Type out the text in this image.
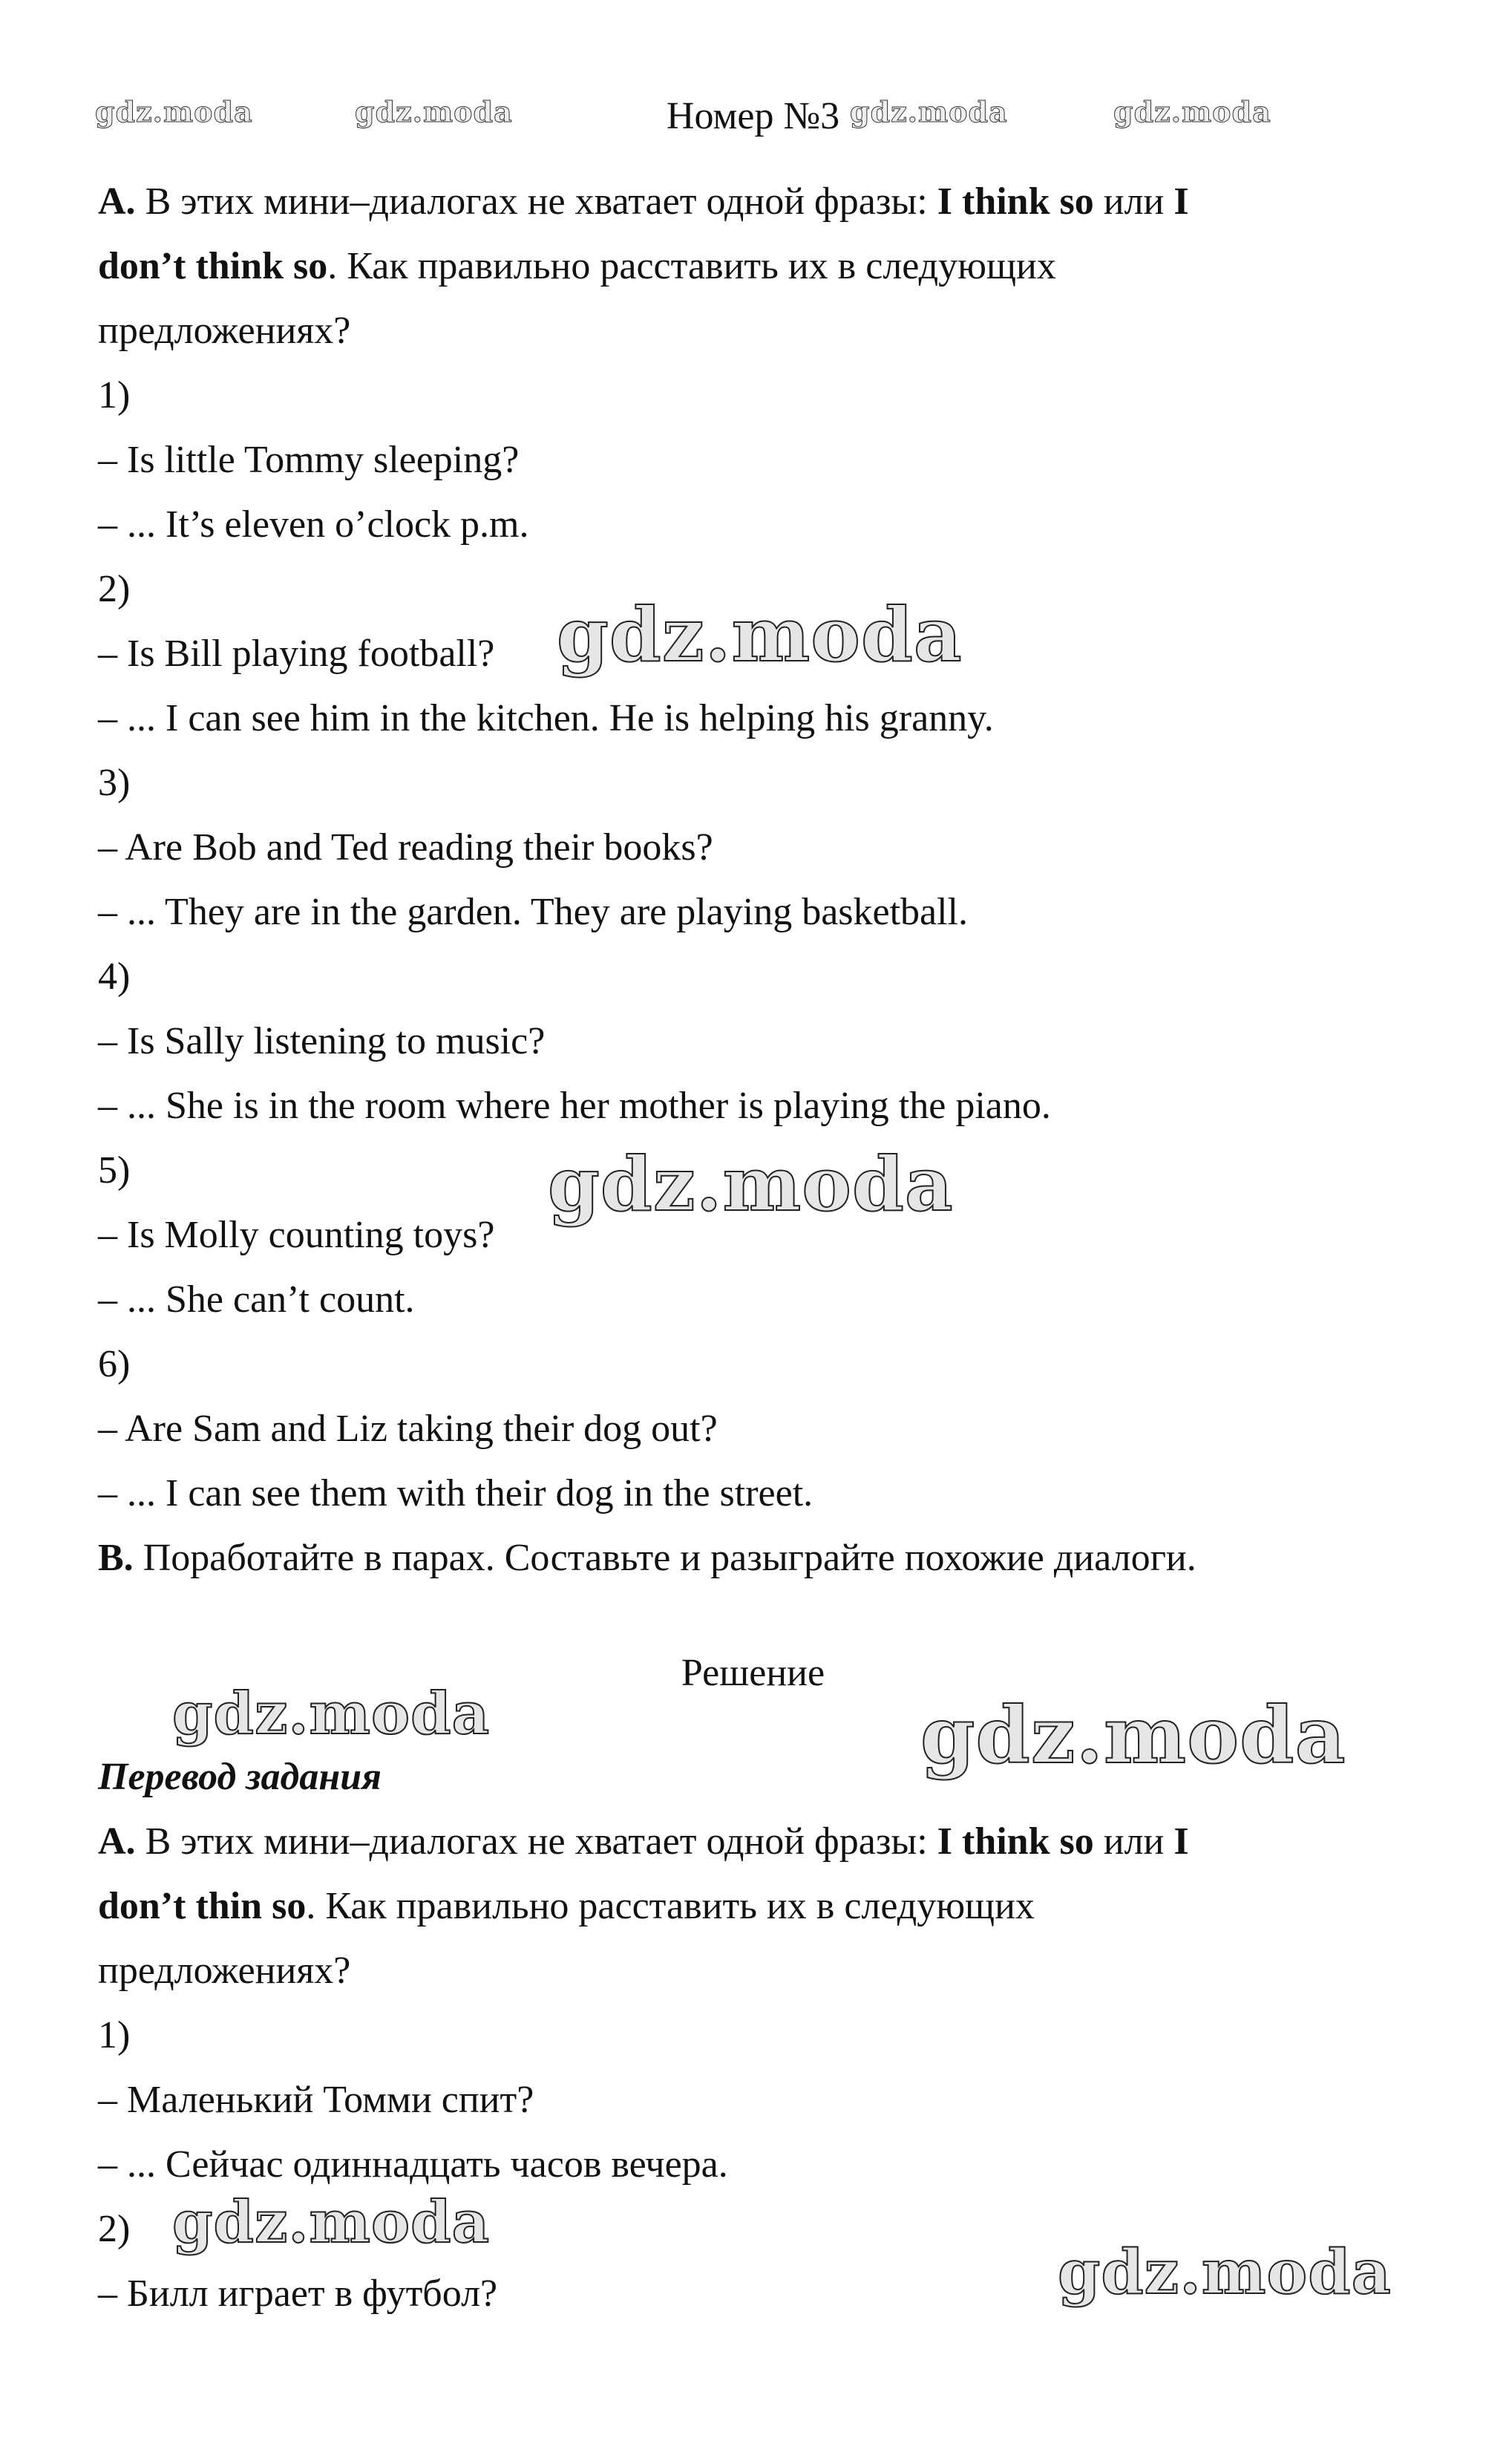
gdz.moda	gdz.moda	gdz.moda	gdz.moda
gdz.moda
gdz.moda
gdz.moda	gdz.moda
gdz.moda
gdz.moda
Номер №3
A. В этих мини–диалогах не хватает одной фразы: I think so или I
don’t think so. Как правильно расставить их в следующих
предложениях?
1)
– Is little Tommy sleeping?
– ... It’s eleven o’clock p.m.
2)
– Is Bill playing football?
– ... I can see him in the kitchen. He is helping his granny.
3)
– Are Bob and Ted reading their books?
– ... They are in the garden. They are playing basketball.
4)
– Is Sally listening to music?
– ... She is in the room where her mother is playing the piano.
5)
– Is Molly counting toys?
– ... She can’t count.
6)
– Are Sam and Liz taking their dog out?
– ... I can see them with their dog in the street.
B. Поработайте в парах. Составьте и разыграйте похожие диалоги.
Решение
Перевод задания
A. В этих мини–диалогах не хватает одной фразы: I think so или I
don’t thin so. Как правильно расставить их в следующих
предложениях?
1)
– Маленький Томми спит?
– ... Сейчас одиннадцать часов вечера.
2)
– Билл играет в футбол?
